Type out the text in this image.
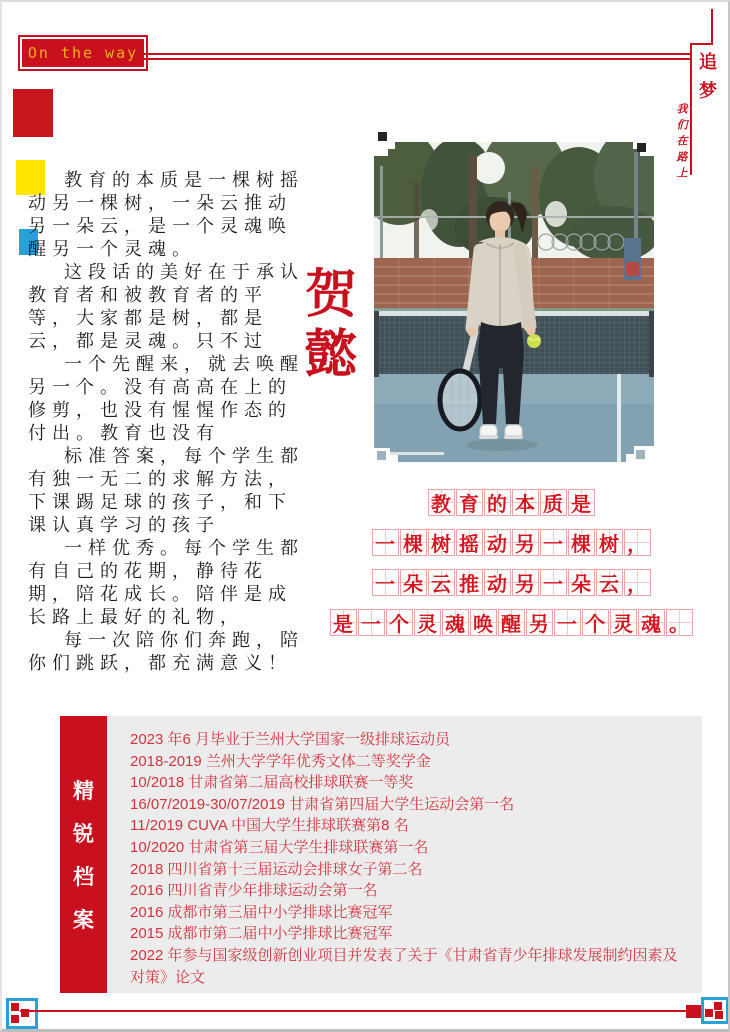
On the way	追梦
我们在路上

教育的本质是一棵树摇动另一棵树，一朵云推动另一朵云，是一个灵魂唤醒另一个灵魂。

这段话的美好在于承认教育者和被教育者的平等，大家都是树，都是云，都是灵魂。只不过

一个先醒来，就去唤醒另一个。没有高高在上的修剪，也没有惺惺作态的付出。教育也没有

标准答案，每个学生都有独一无二的求解方法，下课踢足球的孩子，和下课认真学习的孩子

一样优秀。每个学生都有自己的花期，静待花期，陪花成长。陪伴是成长路上最好的礼物，

每一次陪你们奔跑，陪你们跳跃，都充满意义！

贺
懿
教 育 的 本 质 是
一 棵 树 摇 动 另 一 棵 树 ，
一 朵 云 推 动 另 一 朵 云 ，
是 一 个 灵 魂 唤 醒 另 一 个 灵 魂 。
精
锐
档
案
2023 年6 月毕业于兰州大学国家一级排球运动员
2018-2019 兰州大学学年优秀文体二等奖学金
10/2018 甘肃省第二届高校排球联赛一等奖
16/07/2019-30/07/2019 甘肃省第四届大学生运动会第一名
11/2019 CUVA 中国大学生排球联赛第8 名
10/2020 甘肃省第三届大学生排球联赛第一名
2018 四川省第十三届运动会排球女子第二名
2016 四川省青少年排球运动会第一名
2016 成都市第三届中小学排球比赛冠军
2015 成都市第二届中小学排球比赛冠军
2022 年参与国家级创新创业项目并发表了关于《甘肃省青少年排球发展制约因素及对策》论文
